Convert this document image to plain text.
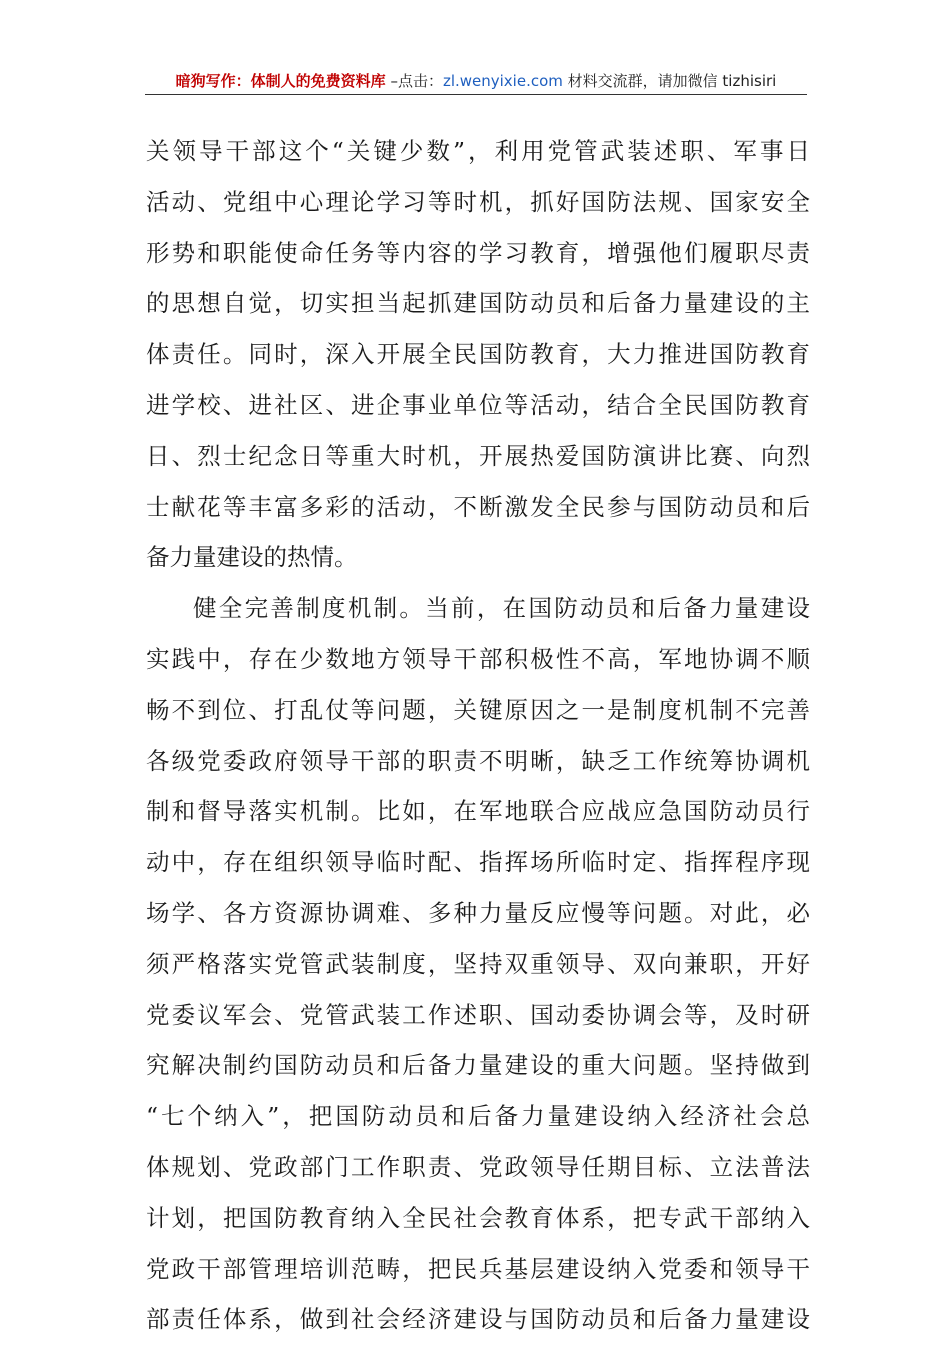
暗狗写作：体制人的免费资料库 –点击：zl.wenyixie.com 材料交流群，请加微信 tizhisiri
关领导干部这个“关键少数”，利用党管武装述职、军事日
活动、党组中心理论学习等时机，抓好国防法规、国家安全
形势和职能使命任务等内容的学习教育，增强他们履职尽责
的思想自觉，切实担当起抓建国防动员和后备力量建设的主
体责任。同时，深入开展全民国防教育，大力推进国防教育
进学校、进社区、进企事业单位等活动，结合全民国防教育
日、烈士纪念日等重大时机，开展热爱国防演讲比赛、向烈
士献花等丰富多彩的活动，不断激发全民参与国防动员和后
备力量建设的热情。
健全完善制度机制。当前，在国防动员和后备力量建设
实践中，存在少数地方领导干部积极性不高，军地协调不顺
畅不到位、打乱仗等问题，关键原因之一是制度机制不完善
各级党委政府领导干部的职责不明晰，缺乏工作统筹协调机
制和督导落实机制。比如，在军地联合应战应急国防动员行
动中，存在组织领导临时配、指挥场所临时定、指挥程序现
场学、各方资源协调难、多种力量反应慢等问题。对此，必
须严格落实党管武装制度，坚持双重领导、双向兼职，开好
党委议军会、党管武装工作述职、国动委协调会等，及时研
究解决制约国防动员和后备力量建设的重大问题。坚持做到
“七个纳入”，把国防动员和后备力量建设纳入经济社会总
体规划、党政部门工作职责、党政领导任期目标、立法普法
计划，把国防教育纳入全民社会教育体系，把专武干部纳入
党政干部管理培训范畴，把民兵基层建设纳入党委和领导干
部责任体系，做到社会经济建设与国防动员和后备力量建设
